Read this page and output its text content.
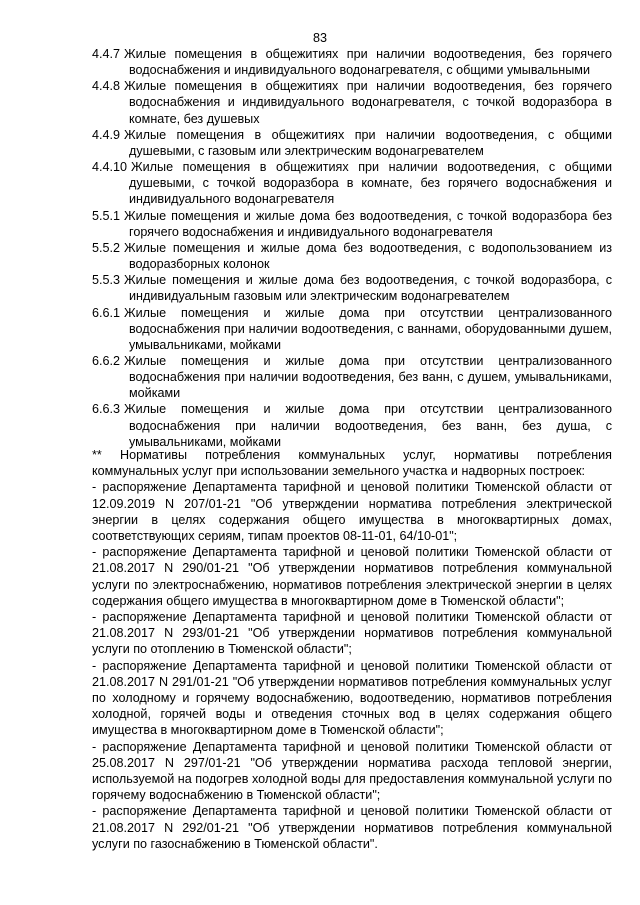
83

4.4.7 Жилые помещения в общежитиях при наличии водоотведения, без горячего водоснабжения и индивидуального водонагревателя, с общими умывальными

4.4.8 Жилые помещения в общежитиях при наличии водоотведения, без горячего водоснабжения и индивидуального водонагревателя, с точкой водоразбора в комнате, без душевых

4.4.9 Жилые помещения в общежитиях при наличии водоотведения, с общими душевыми, с газовым или электрическим водонагревателем

4.4.10 Жилые помещения в общежитиях при наличии водоотведения, с общими душевыми, с точкой водоразбора в комнате, без горячего водоснабжения и индивидуального водонагревателя

5.5.1 Жилые помещения и жилые дома без водоотведения, с точкой водоразбора без горячего водоснабжения и индивидуального водонагревателя

5.5.2 Жилые помещения и жилые дома без водоотведения, с водопользованием из водоразборных колонок

5.5.3 Жилые помещения и жилые дома без водоотведения, с точкой водоразбора, с индивидуальным газовым или электрическим водонагревателем

6.6.1 Жилые помещения и жилые дома при отсутствии централизованного водоснабжения при наличии водоотведения, с ваннами, оборудованными душем, умывальниками, мойками

6.6.2 Жилые помещения и жилые дома при отсутствии централизованного водоснабжения при наличии водоотведения, без ванн, с душем, умывальниками, мойками

6.6.3 Жилые помещения и жилые дома при отсутствии централизованного водоснабжения при наличии водоотведения, без ванн, без душа, с умывальниками, мойками

** Нормативы потребления коммунальных услуг, нормативы потребления коммунальных услуг при использовании земельного участка и надворных построек:

- распоряжение Департамента тарифной и ценовой политики Тюменской области от 12.09.2019 N 207/01-21 "Об утверждении норматива потребления электрической энергии в целях содержания общего имущества в многоквартирных домах, соответствующих сериям, типам проектов 08-11-01, 64/10-01";

- распоряжение Департамента тарифной и ценовой политики Тюменской области от 21.08.2017 N 290/01-21 "Об утверждении нормативов потребления коммунальной услуги по электроснабжению, нормативов потребления электрической энергии в целях содержания общего имущества в многоквартирном доме в Тюменской области";

- распоряжение Департамента тарифной и ценовой политики Тюменской области от 21.08.2017 N 293/01-21 "Об утверждении нормативов потребления коммунальной услуги по отоплению в Тюменской области";

- распоряжение Департамента тарифной и ценовой политики Тюменской области от 21.08.2017 N 291/01-21 "Об утверждении нормативов потребления коммунальных услуг по холодному и горячему водоснабжению, водоотведению, нормативов потребления холодной, горячей воды и отведения сточных вод в целях содержания общего имущества в многоквартирном доме в Тюменской области";

- распоряжение Департамента тарифной и ценовой политики Тюменской области от 25.08.2017 N 297/01-21 "Об утверждении норматива расхода тепловой энергии, используемой на подогрев холодной воды для предоставления коммунальной услуги по горячему водоснабжению в Тюменской области";

- распоряжение Департамента тарифной и ценовой политики Тюменской области от 21.08.2017 N 292/01-21 "Об утверждении нормативов потребления коммунальной услуги по газоснабжению в Тюменской области".
